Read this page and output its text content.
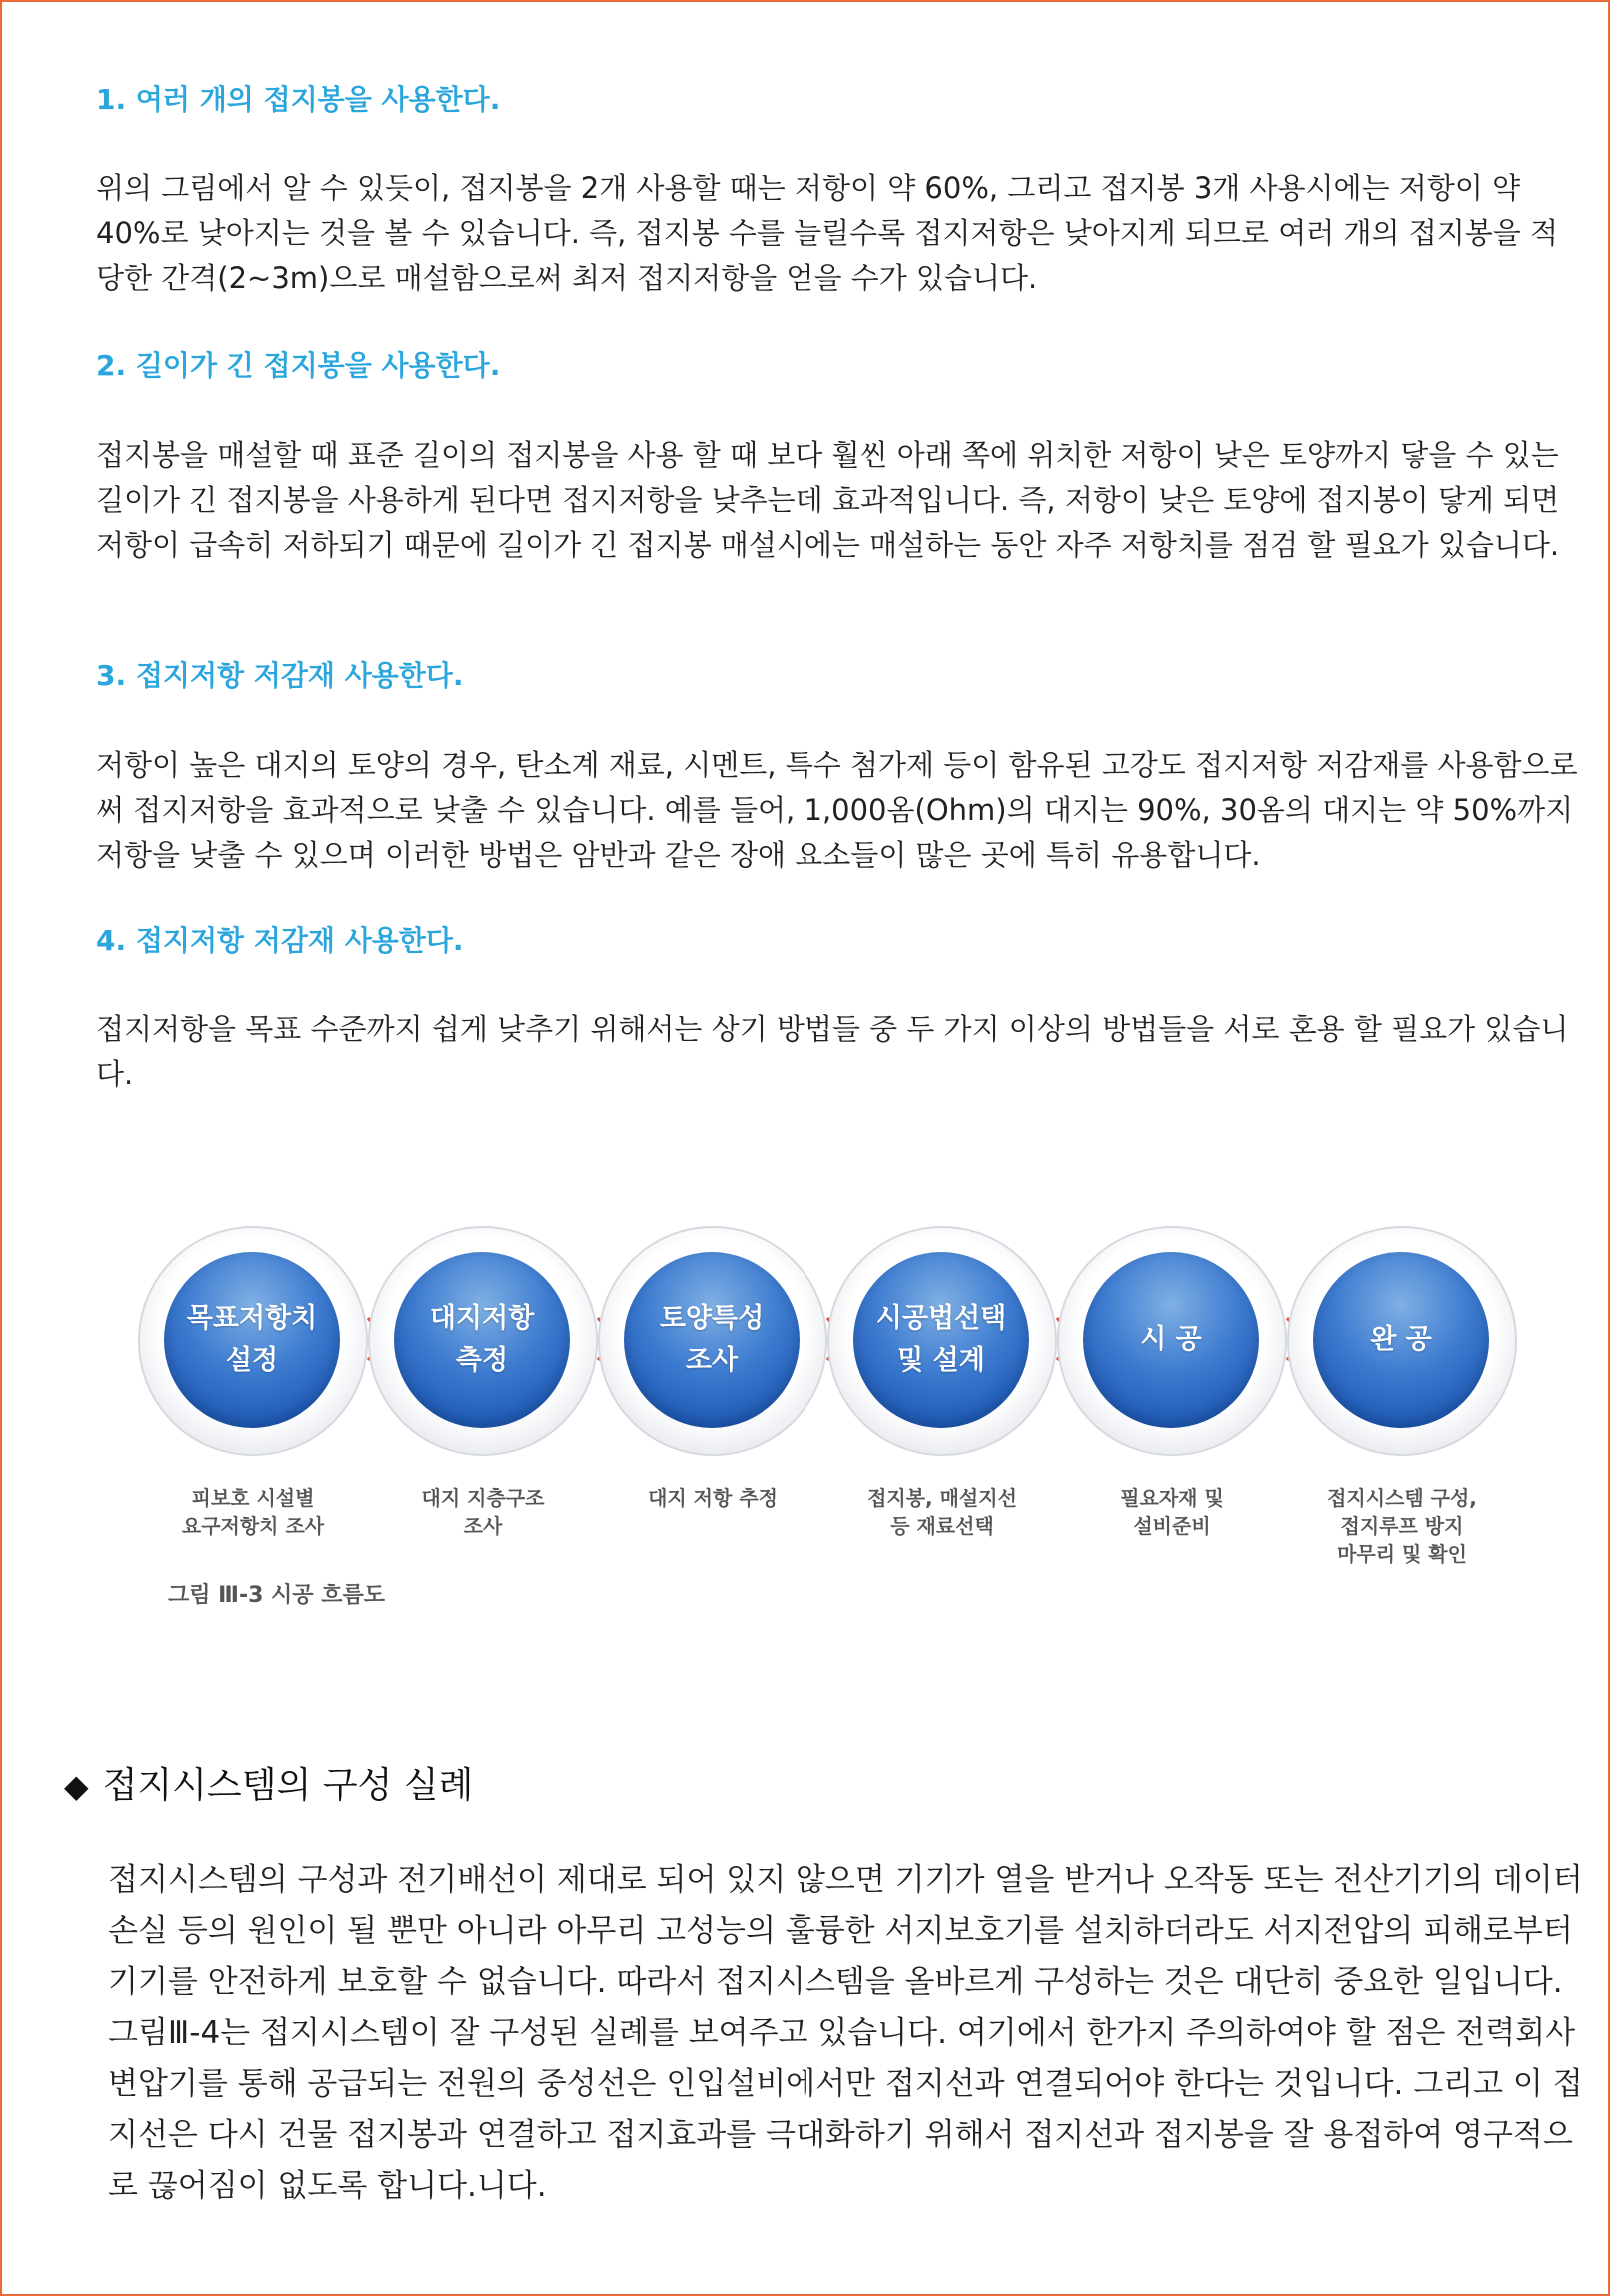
1. 여러 개의 접지봉을 사용한다.

위의 그림에서 알 수 있듯이, 접지봉을 2개 사용할 때는 저항이 약 60%, 그리고 접지봉 3개 사용시에는 저항이 약 40%로 낮아지는 것을 볼 수 있습니다. 즉, 접지봉 수를 늘릴수록 접지저항은 낮아지게 되므로 여러 개의 접지봉을 적당한 간격(2~3m)으로 매설함으로써 최저 접지저항을 얻을 수가 있습니다.

2. 길이가 긴 접지봉을 사용한다.

접지봉을 매설할 때 표준 길이의 접지봉을 사용 할 때 보다 훨씬 아래 쪽에 위치한 저항이 낮은 토양까지 닿을 수 있는 길이가 긴 접지봉을 사용하게 된다면 접지저항을 낮추는데 효과적입니다. 즉, 저항이 낮은 토양에 접지봉이 닿게 되면 저항이 급속히 저하되기 때문에 길이가 긴 접지봉 매설시에는 매설하는 동안 자주 저항치를 점검 할 필요가 있습니다.

3. 접지저항 저감재 사용한다.

저항이 높은 대지의 토양의 경우, 탄소계 재료, 시멘트, 특수 첨가제 등이 함유된 고강도 접지저항 저감재를 사용함으로써 접지저항을 효과적으로 낮출 수 있습니다. 예를 들어, 1,000옴(Ohm)의 대지는 90%, 30옴의 대지는 약 50%까지 저항을 낮출 수 있으며 이러한 방법은 암반과 같은 장애 요소들이 많은 곳에 특히 유용합니다.

4. 접지저항 저감재 사용한다.

접지저항을 목표 수준까지 쉽게 낮추기 위해서는 상기 방법들 중 두 가지 이상의 방법들을 서로 혼용 할 필요가 있습니다.

목표저항치
설정
피보호 시설별
요구저항치 조사
대지저항
측정
대지 지층구조
조사
토양특성
조사
대지 저항 추정
시공법선택
및 설계
접지봉, 매설지선
등 재료선택
시 공
필요자재 및
설비준비
완 공
접지시스템 구성,
접지루프 방지
마무리 및 확인
그림 Ⅲ-3 시공 흐름도
◆ 접지시스템의 구성 실례

접지시스템의 구성과 전기배선이 제대로 되어 있지 않으면 기기가 열을 받거나 오작동 또는 전산기기의 데이터 손실 등의 원인이 될 뿐만 아니라 아무리 고성능의 훌륭한 서지보호기를 설치하더라도 서지전압의 피해로부터 기기를 안전하게 보호할 수 없습니다. 따라서 접지시스템을 올바르게 구성하는 것은 대단히 중요한 일입니다. 그림Ⅲ-4는 접지시스템이 잘 구성된 실례를 보여주고 있습니다. 여기에서 한가지 주의하여야 할 점은 전력회사 변압기를 통해 공급되는 전원의 중성선은 인입설비에서만 접지선과 연결되어야 한다는 것입니다. 그리고 이 접지선은 다시 건물 접지봉과 연결하고 접지효과를 극대화하기 위해서 접지선과 접지봉을 잘 용접하여 영구적으로 끊어짐이 없도록 합니다.니다.
